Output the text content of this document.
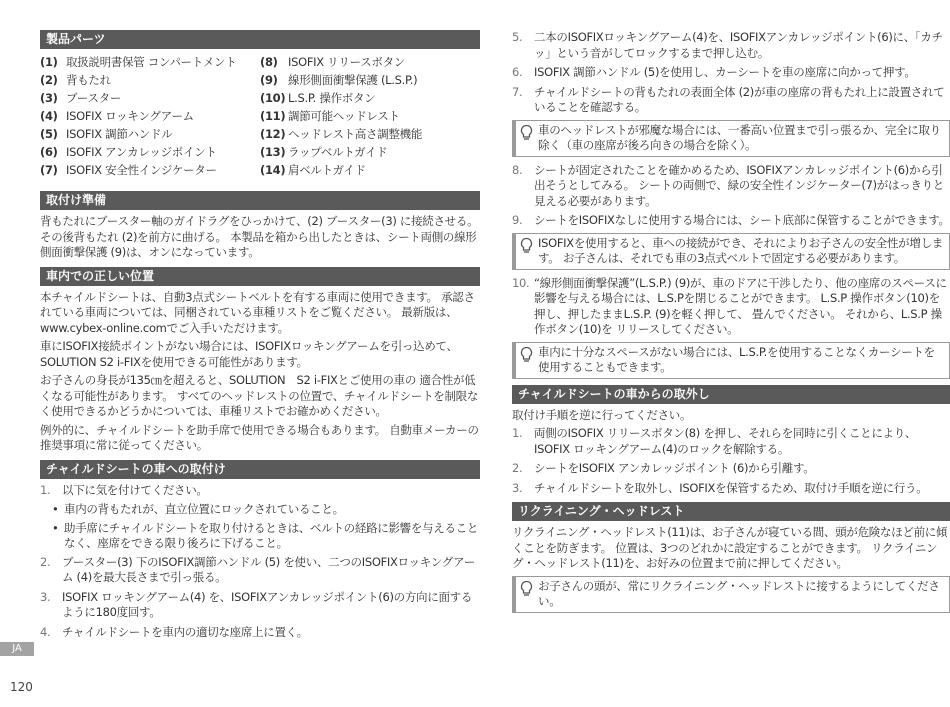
製品パーツ
(1) 取扱説明書保管 コンパートメント
(2) 背もたれ
(3) ブースター
(4) ISOFIX ロッキングアーム
(5) ISOFIX 調節ハンドル
(6) ISOFIX アンカレッジポイント
(7) ISOFIX 安全性インジケーター
(8) ISOFIX リリースボタン
(9) 線形側面衝撃保護 (L.S.P.)
(10) L.S.P. 操作ボタン
(11) 調節可能ヘッドレスト
(12) ヘッドレスト高さ調整機能
(13) ラップベルトガイド
(14) 肩ベルトガイド
取付け準備

背もたれにブースター軸のガイドラグをひっかけて、(2) ブースター(3) に接続させる。 その後背もたれ (2)を前方に曲げる。 本製品を箱から出したときは、シート両側の線形側面衝撃保護 (9)は、オンになっています。

車内での正しい位置

本チャイルドシートは、自動3点式シートベルトを有する車両に使用できます。 承認されている車両については、同梱されている車種リストをご覧ください。 最新版は、www.cybex-online.comでご入手いただけます。

車にISOFIX接続ポイントがない場合には、ISOFIXロッキングアームを引っ込めて、SOLUTION S2 i-FIXを使用できる可能性があります。

お子さんの身長が135㎝を超えると、SOLUTION　S2 i-FIXとご使用の車の 適合性が低くなる可能性があります。 すべてのヘッドレストの位置で、チャイルドシートを制限なく使用できるかどうかについては、車種リストでお確かめください。

例外的に、チャイルドシートを助手席で使用できる場合もあります。 自動車メーカーの推奨事項に常に従ってください。

チャイルドシートの車への取付け
1. 以下に気を付けてください。
• 車内の背もたれが、直立位置にロックされていること。
• 助手席にチャイルドシートを取り付けるときは、ベルトの経路に影響を与えることなく、座席をできる限り後ろに下げること。
2. ブースター(3) 下のISOFIX調節ハンドル (5) を使い、二つのISOFIXロッキングアーム (4)を最大長さまで引っ張る。
3. ISOFIX ロッキングアーム(4) を、ISOFIXアンカレッジポイント(6)の方向に面するように180度回す。
4. チャイルドシートを車内の適切な座席上に置く。
JA
120
5. 二本のISOFIXロッキングアーム(4)を、ISOFIXアンカレッジポイント(6)に、「カチッ」という音がしてロックするまで押し込む。
6. ISOFIX 調節ハンドル (5)を使用し、カーシートを車の座席に向かって押す。
7. チャイルドシートの背もたれの表面全体 (2)が車の座席の背もたれ上に設置されていることを確認する。
車のヘッドレストが邪魔な場合には、一番高い位置まで引っ張るか、完全に取り除く（車の座席が後ろ向きの場合を除く）。
8. シートが固定されたことを確かめるため、ISOFIXアンカレッジポイント(6)から引出そうとしてみる。 シートの両側で、緑の安全性インジケーター(7)がはっきりと見える必要があります。
9. シートをISOFIXなしに使用する場合には、シート底部に保管することができます。
ISOFIXを使用すると、車への接続ができ、それによりお子さんの安全性が増します。 お子さんは、それでも車の3点式ベルトで固定する必要があります。
10. “線形側面衝撃保護”(L.S.P.) (9)が、車のドアに干渉したり、他の座席のスペースに影響を与える場合には、L.S.Pを閉じることができます。 L.S.P 操作ボタン(10)を押し、押したままL.S.P. (9)を軽く押して、 畳んでください。 それから、L.S.P 操作ボタン(10)を リリースしてください。
車内に十分なスペースがない場合には、L.S.P.を使用することなくカーシートを使用することもできます。
チャイルドシートの車からの取外し

取付け手順を逆に行ってください。

1. 両側のISOFIX リリースボタン(8) を押し、それらを同時に引くことにより、ISOFIX ロッキングアーム(4)のロックを解除する。
2. シートをISOFIX アンカレッジポイント (6)から引離す。
3. チャイルドシートを取外し、ISOFIXを保管するため、取付け手順を逆に行う。
リクライニング・ヘッドレスト

リクライニング・ヘッドレスト(11)は、お子さんが寝ている間、頭が危険なほど前に傾くことを防ぎます。 位置は、3つのどれかに設定することができます。 リクライニング・ヘッドレスト(11)を、お好みの位置まで前に押してください。

お子さんの頭が、常にリクライニング・ヘッドレストに接するようにしてください。
